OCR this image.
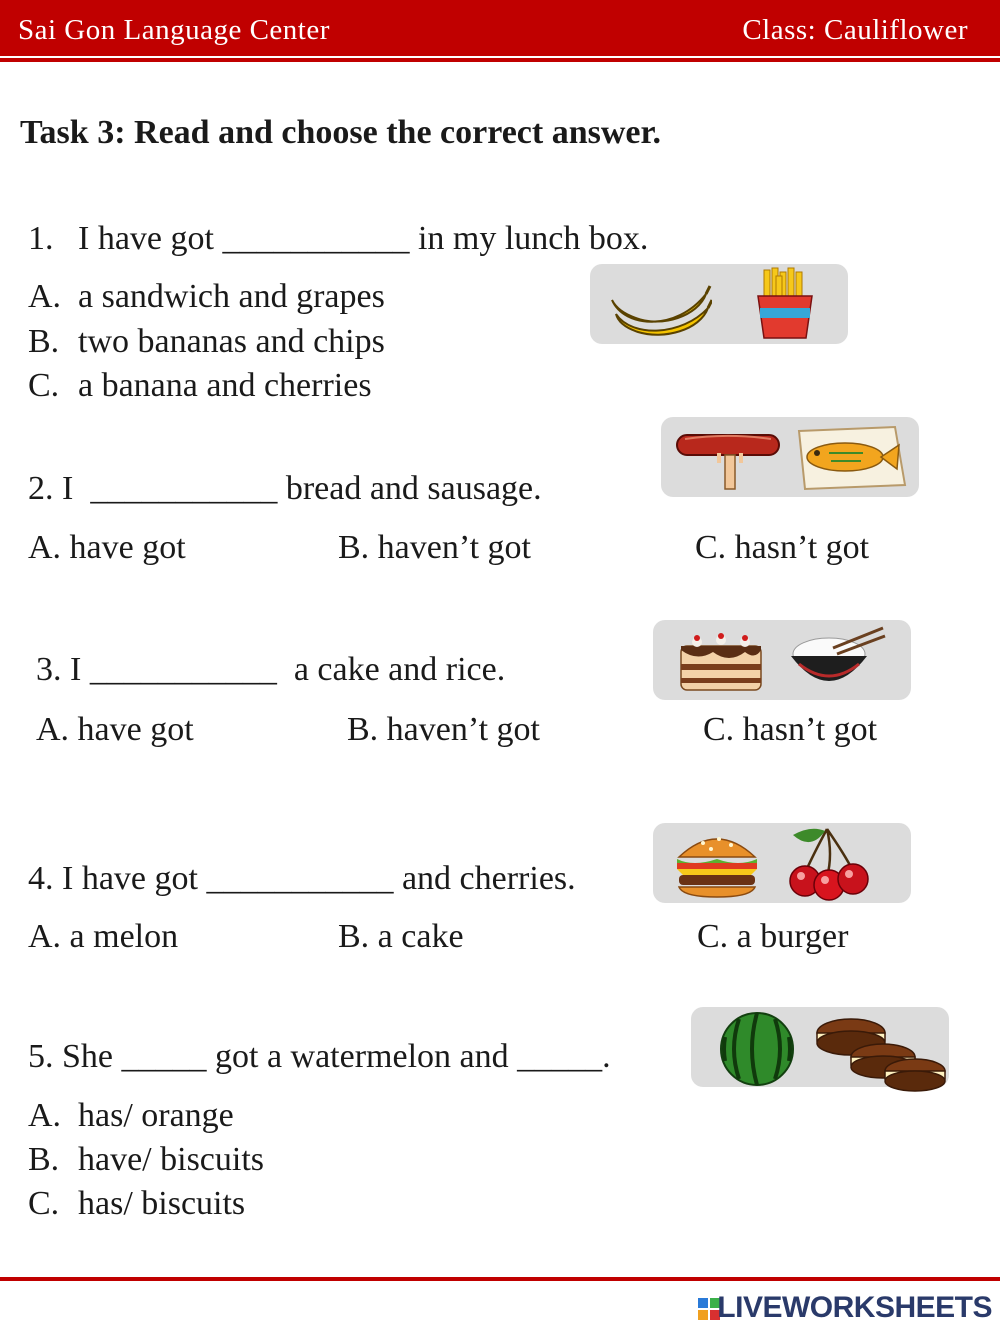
Sai Gon Language Center	Class: Cauliflower
Task 3: Read and choose the correct answer.
1. I have got ___________ in my lunch box.
A. a sandwich and grapes
B. two bananas and chips
C. a banana and cherries
2. I  ___________ bread and sausage.
A. have got	B. haven’t got	C. hasn’t got
3. I ___________  a cake and rice.
A. have got	B. haven’t got	C. hasn’t got
4. I have got ___________ and cherries.
A. a melon	B. a cake	C. a burger
5. She _____ got a watermelon and _____.
A. has/ orange
B. have/ biscuits
C. has/ biscuits
LIVEWORKSHEETS
